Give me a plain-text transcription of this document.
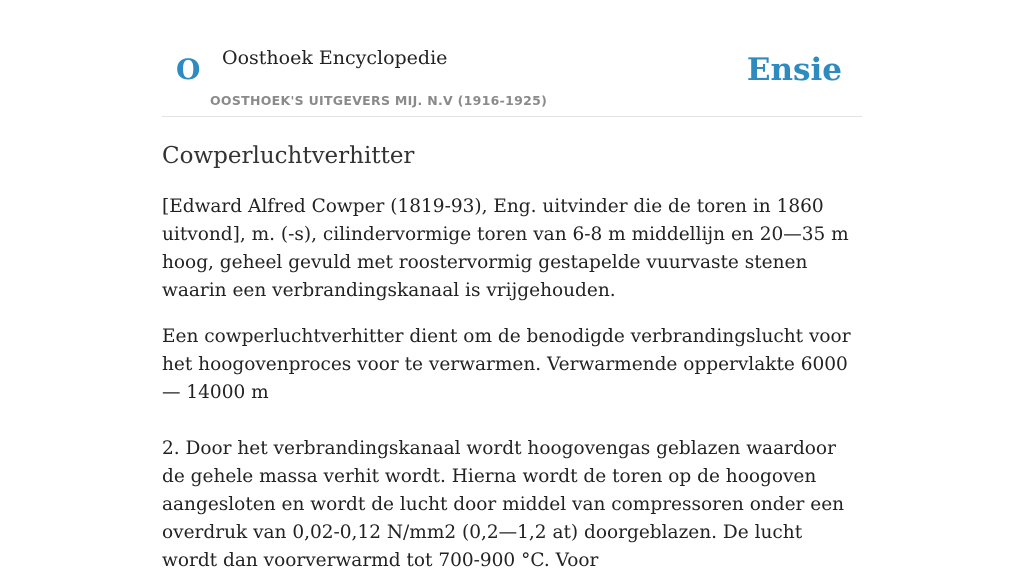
O Oosthoek Encyclopedie
OOSTHOEK'S UITGEVERS MIJ. N.V (1916-1925)
Ensie
Cowperluchtverhitter

[Edward Alfred Cowper (1819-93), Eng. uitvinder die de toren in 1860 uitvond], m. (-s), cilindervormige toren van 6-8 m middellijn en 20—35 m hoog, geheel gevuld met roostervormig gestapelde vuurvaste stenen waarin een verbrandingskanaal is vrijgehouden.

Een cowperluchtverhitter dient om de benodigde verbrandingslucht voor het hoogovenproces voor te verwarmen. Verwarmende oppervlakte 6000— 14000 m

2. Door het verbrandingskanaal wordt hoogovengas geblazen waardoor de gehele massa verhit wordt. Hierna wordt de toren op de hoogoven aangesloten en wordt de lucht door middel van compressoren onder een overdruk van 0,02-0,12 N/mm2 (0,2—1,2 at) doorgeblazen. De lucht wordt dan voorverwarmd tot 700-900 °C. Voor
